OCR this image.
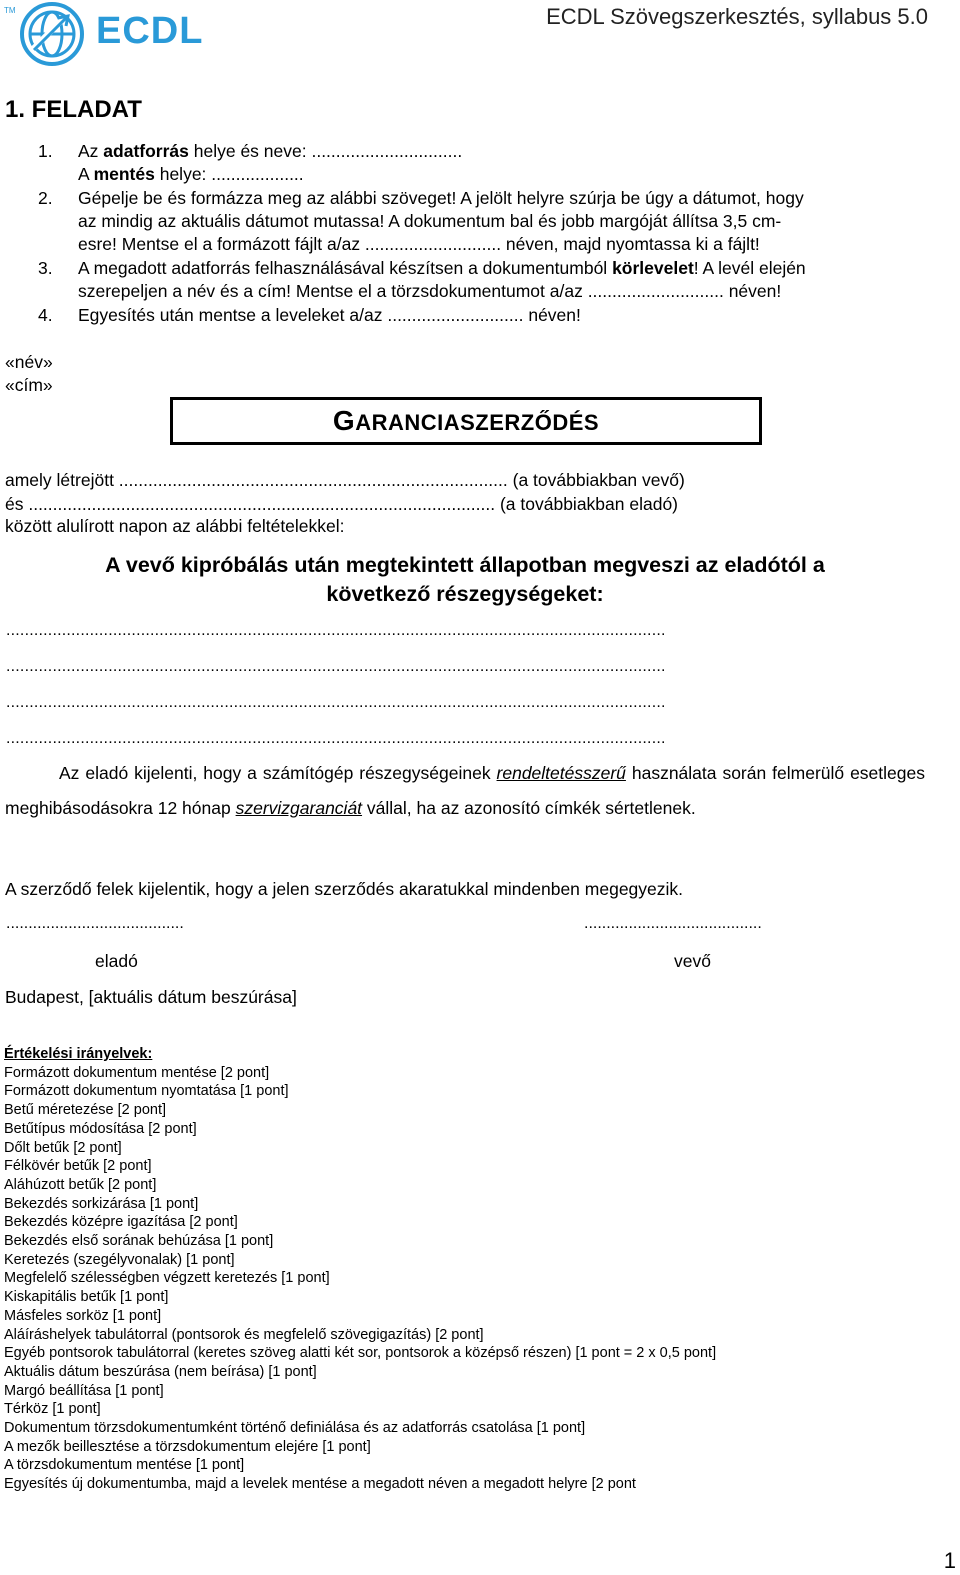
TM ECDL	ECDL Szövegszerkesztés, syllabus 5.0
1. FELADAT
1. Az adatforrás helye és neve: ...............................
A mentés helye: ...................
2. Gépelje be és formázza meg az alábbi szöveget! A jelölt helyre szúrja be úgy a dátumot, hogy
az mindig az aktuális dátumot mutassa! A dokumentum bal és jobb margóját állítsa 3,5 cm-
esre! Mentse el a formázott fájlt a/az ............................ néven, majd nyomtassa ki a fájlt!
3. A megadott adatforrás felhasználásával készítsen a dokumentumból körlevelet! A levél elején
szerepeljen a név és a cím! Mentse el a törzsdokumentumot a/az ............................ néven!
4. Egyesítés után mentse a leveleket a/az ............................ néven!
«név»
«cím»
GARANCIASZERZŐDÉS
amely létrejött ................................................................................ (a továbbiakban vevő)
és ................................................................................................ (a továbbiakban eladó)
között alulírott napon az alábbi feltételekkel:
A vevő kipróbálás után megtekintett állapotban megveszi az eladótól a
következő részegységeket:
..............................................................................................................................................
..............................................................................................................................................
..............................................................................................................................................
..............................................................................................................................................
Az eladó kijelenti, hogy a számítógép részegységeinek rendeltetésszerű használata során felmerülő esetleges meghibásodásokra 12 hónap szervizgaranciát vállal, ha az azonosító címkék sértetlenek.
A szerződő felek kijelentik, hogy a jelen szerződés akaratukkal mindenben megegyezik.
........................................	........................................
eladó	vevő
Budapest, [aktuális dátum beszúrása]
Értékelési irányelvek:
Formázott dokumentum mentése [2 pont]
Formázott dokumentum nyomtatása [1 pont]
Betű méretezése [2 pont]
Betűtípus módosítása [2 pont]
Dőlt betűk [2 pont]
Félkövér betűk [2 pont]
Aláhúzott betűk [2 pont]
Bekezdés sorkizárása [1 pont]
Bekezdés középre igazítása [2 pont]
Bekezdés első sorának behúzása [1 pont]
Keretezés (szegélyvonalak) [1 pont]
Megfelelő szélességben végzett keretezés [1 pont]
Kiskapitális betűk [1 pont]
Másfeles sorköz [1 pont]
Aláíráshelyek tabulátorral (pontsorok és megfelelő szövegigazítás) [2 pont]
Egyéb pontsorok tabulátorral (keretes szöveg alatti két sor, pontsorok a középső részen) [1 pont = 2 x 0,5 pont]
Aktuális dátum beszúrása (nem beírása) [1 pont]
Margó beállítása [1 pont]
Térköz [1 pont]
Dokumentum törzsdokumentumként történő definiálása és az adatforrás csatolása [1 pont]
A mezők beillesztése a törzsdokumentum elejére [1 pont]
A törzsdokumentum mentése [1 pont]
Egyesítés új dokumentumba, majd a levelek mentése a megadott néven a megadott helyre [2 pont
1
